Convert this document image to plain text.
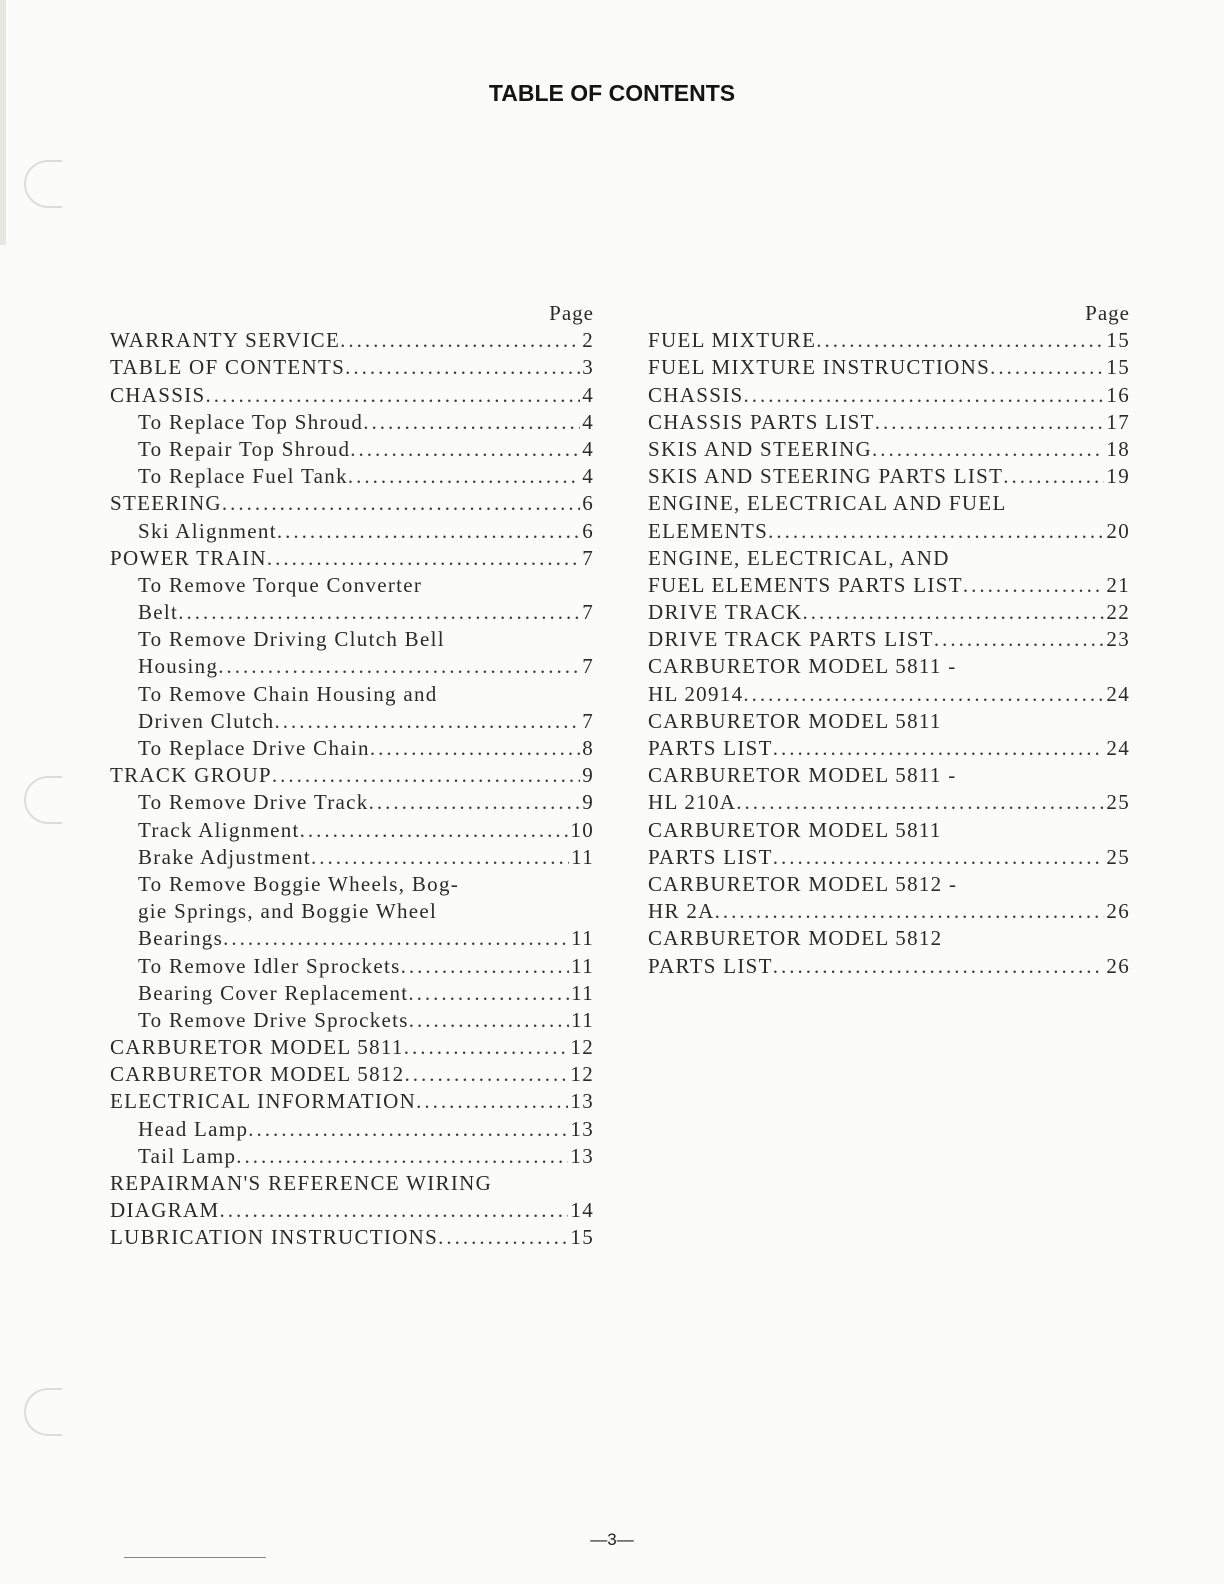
TABLE OF CONTENTS
Page
WARRANTY SERVICE .....	2
TABLE OF CONTENTS .....	3
CHASSIS .....	4
To Replace Top Shroud .....	4
To Repair Top Shroud .....	4
To Replace Fuel Tank .....	4
STEERING .....	6
Ski Alignment .....	6
POWER TRAIN .....	7
To Remove Torque Converter
Belt .....	7
To Remove Driving Clutch Bell
Housing .....	7
To Remove Chain Housing and
Driven Clutch .....	7
To Replace Drive Chain .....	8
TRACK GROUP .....	9
To Remove Drive Track .....	9
Track Alignment .....	10
Brake Adjustment .....	11
To Remove Boggie Wheels, Bog-
gie Springs, and Boggie Wheel
Bearings .....	11
To Remove Idler Sprockets .....	11
Bearing Cover Replacement .....	11
To Remove Drive Sprockets .....	11
CARBURETOR MODEL 5811 .....	12
CARBURETOR MODEL 5812 .....	12
ELECTRICAL INFORMATION .....	13
Head Lamp .....	13
Tail Lamp .....	13
REPAIRMAN'S REFERENCE WIRING
DIAGRAM .....	14
LUBRICATION INSTRUCTIONS .....	15
Page
FUEL MIXTURE .....	15
FUEL MIXTURE INSTRUCTIONS .....	15
CHASSIS .....	16
CHASSIS PARTS LIST .....	17
SKIS AND STEERING .....	18
SKIS AND STEERING PARTS LIST .....	19
ENGINE, ELECTRICAL AND FUEL
ELEMENTS .....	20
ENGINE, ELECTRICAL, AND
FUEL ELEMENTS PARTS LIST .....	21
DRIVE TRACK .....	22
DRIVE TRACK PARTS LIST .....	23
CARBURETOR MODEL 5811 -
HL 20914 .....	24
CARBURETOR MODEL 5811
PARTS LIST .....	24
CARBURETOR MODEL 5811 -
HL 210A .....	25
CARBURETOR MODEL 5811
PARTS LIST .....	25
CARBURETOR MODEL 5812 -
HR 2A .....	26
CARBURETOR MODEL 5812
PARTS LIST .....	26
—3—
